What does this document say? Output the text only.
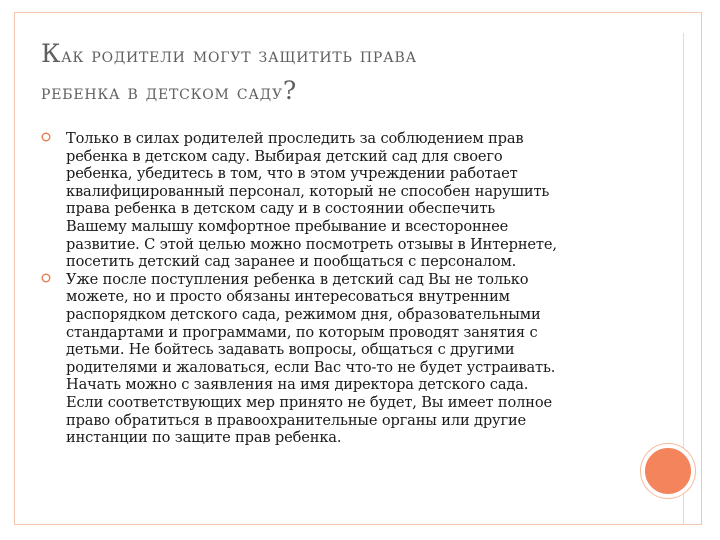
Как родители могут защитить права
ребенка в детском саду?
Только в силах родителей проследить за соблюдением прав
ребенка в детском саду. Выбирая детский сад для своего
ребенка, убедитесь в том, что в этом учреждении работает
квалифицированный персонал, который не способен нарушить
права ребенка в детском саду и в состоянии обеспечить
Вашему малышу комфортное пребывание и всестороннее
развитие. С этой целью можно посмотреть отзывы в Интернете,
посетить детский сад заранее и пообщаться с персоналом.
Уже после поступления ребенка в детский сад Вы не только
можете, но и просто обязаны интересоваться внутренним
распорядком детского сада, режимом дня, образовательными
стандартами и программами, по которым проводят занятия с
детьми. Не бойтесь задавать вопросы, общаться с другими
родителями и жаловаться, если Вас что-то не будет устраивать.
Начать можно с заявления на имя директора детского сада.
Если соответствующих мер принято не будет, Вы имеет полное
право обратиться в правоохранительные органы или другие
инстанции по защите прав ребенка.
